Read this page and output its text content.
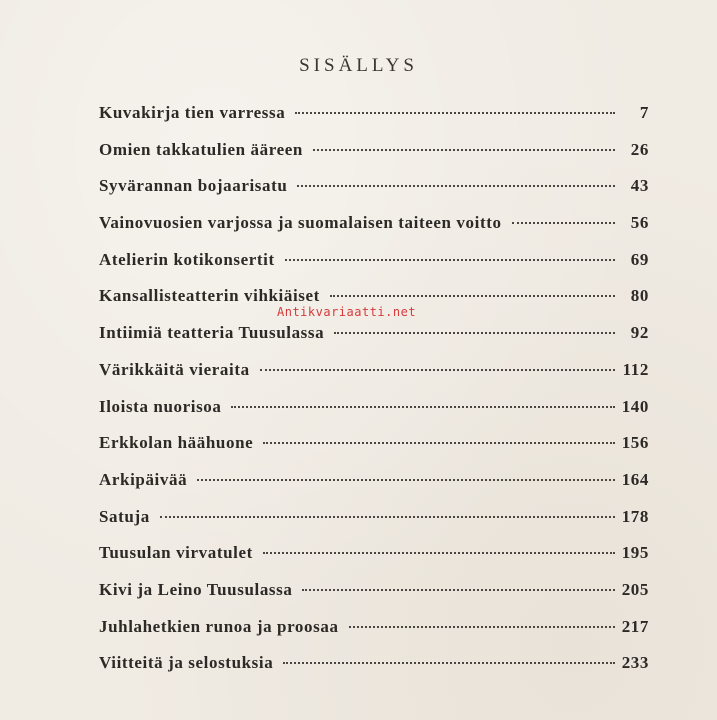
SISÄLLYS
Kuvakirja tien varressa	7
Omien takkatulien ääreen	26
Syvärannan bojaarisatu	43
Vainovuosien varjossa ja suomalaisen taiteen voitto	56
Atelierin kotikonsertit	69
Kansallisteatterin vihkiäiset	80
Intiimiä teatteria Tuusulassa	92
Värikkäitä vieraita	112
Iloista nuorisoa	140
Erkkolan häähuone	156
Arkipäivää	164
Satuja	178
Tuusulan virvatulet	195
Kivi ja Leino Tuusulassa	205
Juhlahetkien runoa ja proosaa	217
Viitteitä ja selostuksia	233
Antikvariaatti.net
